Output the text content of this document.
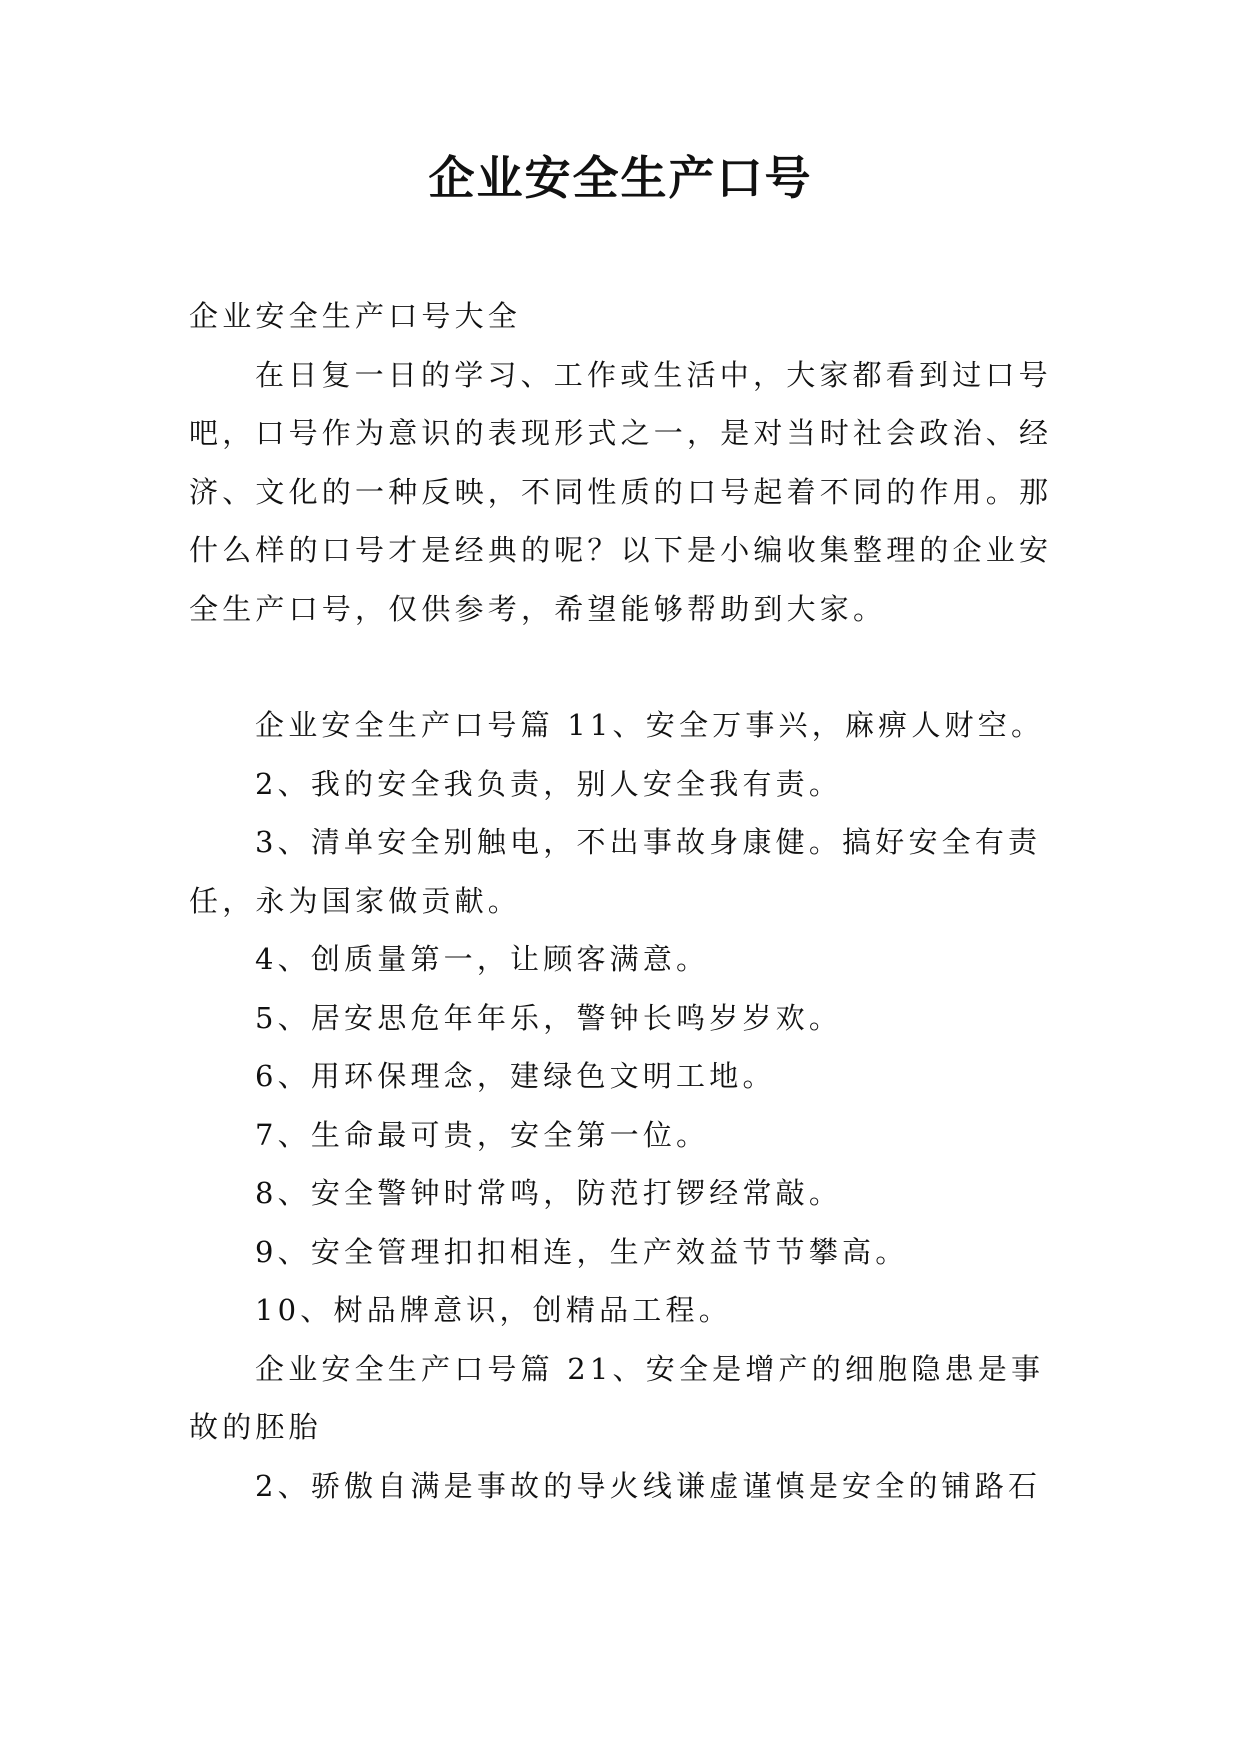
企业安全生产口号

企业安全生产口号大全

在日复一日的学习、工作或生活中，大家都看到过口号吧，口号作为意识的表现形式之一，是对当时社会政治、经济、文化的一种反映，不同性质的口号起着不同的作用。那什么样的口号才是经典的呢？以下是小编收集整理的企业安全生产口号，仅供参考，希望能够帮助到大家。

企业安全生产口号篇 11、安全万事兴，麻痹人财空。

2、我的安全我负责，别人安全我有责。

3、清单安全别触电，不出事故身康健。搞好安全有责任，永为国家做贡献。

4、创质量第一，让顾客满意。

5、居安思危年年乐，警钟长鸣岁岁欢。

6、用环保理念，建绿色文明工地。

7、生命最可贵，安全第一位。

8、安全警钟时常鸣，防范打锣经常敲。

9、安全管理扣扣相连，生产效益节节攀高。

10、树品牌意识，创精品工程。

企业安全生产口号篇 21、安全是增产的细胞隐患是事故的胚胎

2、骄傲自满是事故的导火线谦虚谨慎是安全的铺路石
